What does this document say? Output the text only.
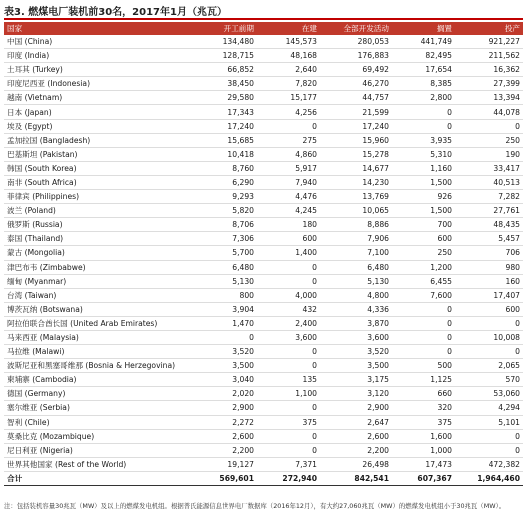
表3. 燃煤电厂装机前30名，2017年1月（兆瓦）
国家	开工前期	在建	全部开发活动	搁置	投产
中国 (China)	134,480	145,573	280,053	441,749	921,227
印度 (India)	128,715	48,168	176,883	82,495	211,562
土耳其 (Turkey)	66,852	2,640	69,492	17,654	16,362
印度尼西亚 (Indonesia)	38,450	7,820	46,270	8,385	27,399
越南 (Vietnam)	29,580	15,177	44,757	2,800	13,394
日本 (Japan)	17,343	4,256	21,599	0	44,078
埃及 (Egypt)	17,240	0	17,240	0	0
孟加拉国 (Bangladesh)	15,685	275	15,960	3,935	250
巴基斯坦 (Pakistan)	10,418	4,860	15,278	5,310	190
韩国 (South Korea)	8,760	5,917	14,677	1,160	33,417
南非 (South Africa)	6,290	7,940	14,230	1,500	40,513
菲律宾 (Philippines)	9,293	4,476	13,769	926	7,282
波兰 (Poland)	5,820	4,245	10,065	1,500	27,761
俄罗斯 (Russia)	8,706	180	8,886	700	48,435
泰国 (Thailand)	7,306	600	7,906	600	5,457
蒙古 (Mongolia)	5,700	1,400	7,100	250	706
津巴布韦 (Zimbabwe)	6,480	0	6,480	1,200	980
缅甸 (Myanmar)	5,130	0	5,130	6,455	160
台湾 (Taiwan)	800	4,000	4,800	7,600	17,407
博茨瓦纳 (Botswana)	3,904	432	4,336	0	600
阿拉伯联合酋长国 (United Arab Emirates)	1,470	2,400	3,870	0	0
马来西亚 (Malaysia)	0	3,600	3,600	0	10,008
马拉维 (Malawi)	3,520	0	3,520	0	0
波斯尼亚和黑塞哥维那 (Bosnia & Herzegovina)	3,500	0	3,500	500	2,065
柬埔寨 (Cambodia)	3,040	135	3,175	1,125	570
德国 (Germany)	2,020	1,100	3,120	660	53,060
塞尔维亚 (Serbia)	2,900	0	2,900	320	4,294
智利 (Chile)	2,272	375	2,647	375	5,101
莫桑比克 (Mozambique)	2,600	0	2,600	1,600	0
尼日利亚 (Nigeria)	2,200	0	2,200	1,000	0
世界其他国家 (Rest of the World)	19,127	7,371	26,498	17,473	472,382
合计	569,601	272,940	842,541	607,367	1,964,460
注：包括装机容量30兆瓦（MW）及以上的燃煤发电机组。根据普氏能源信息世界电厂数据库（2016年12月），有大约27,060兆瓦（MW）的燃煤发电机组小于30兆瓦（MW）。
